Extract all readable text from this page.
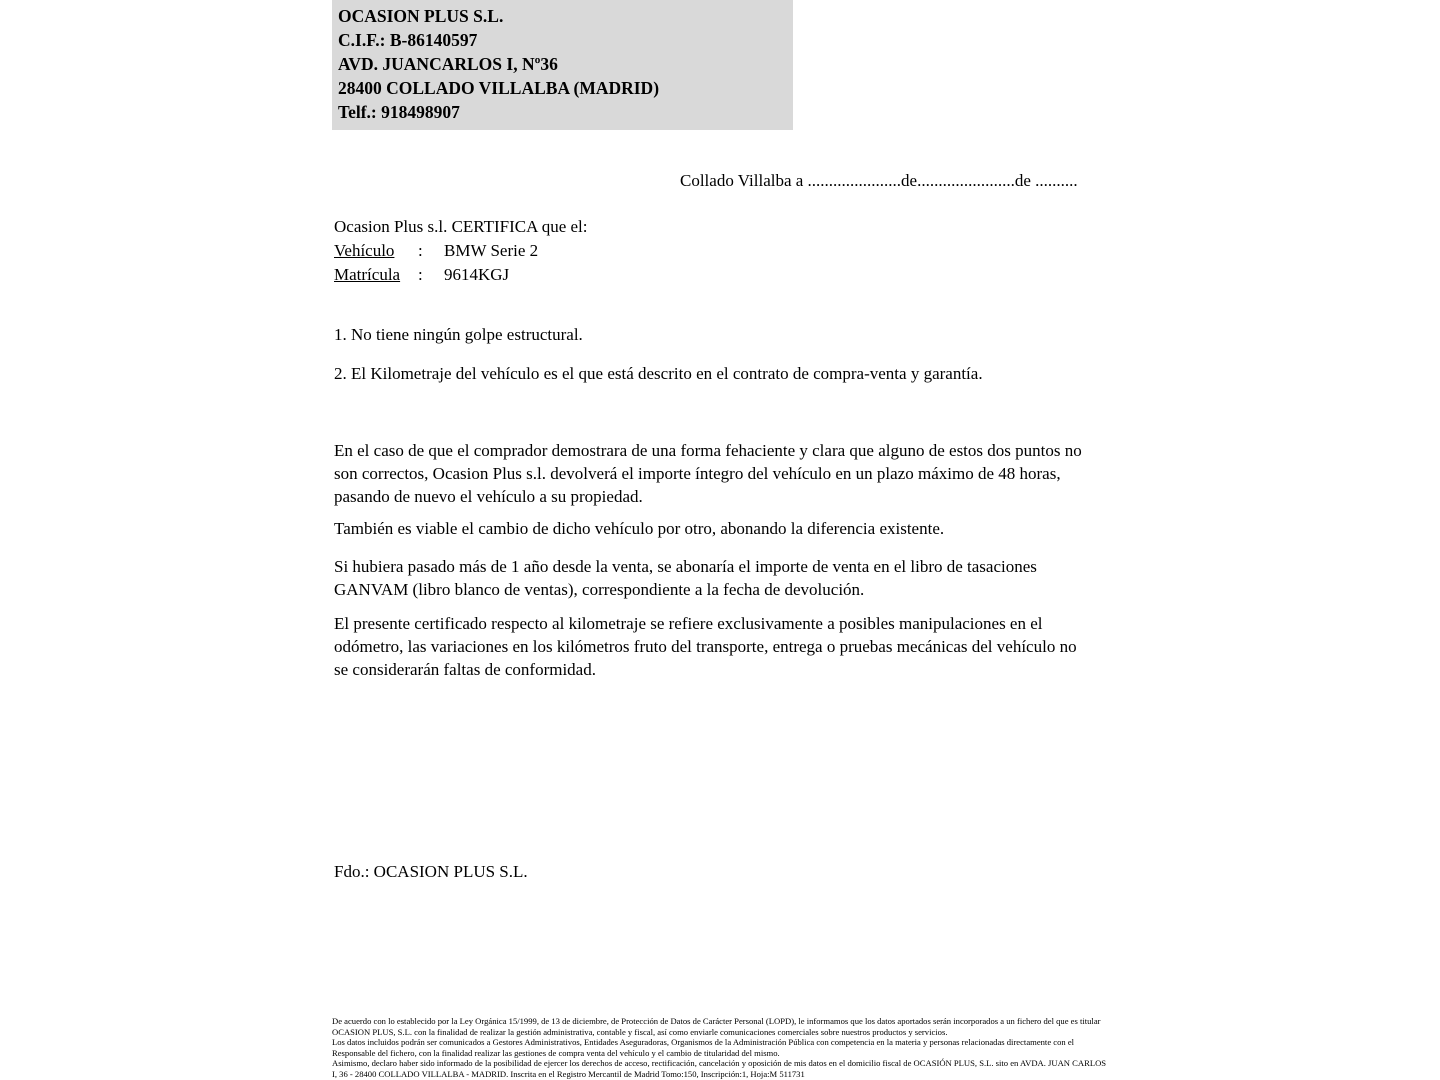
OCASION PLUS S.L.
C.I.F.: B-86140597
AVD. JUANCARLOS I, Nº36
28400 COLLADO VILLALBA (MADRID)
Telf.: 918498907
Collado Villalba a ......................de.......................de ..........
Ocasion Plus s.l. CERTIFICA que el:
Vehículo	:	BMW Serie 2
Matrícula	:	9614KGJ
1. No tiene ningún golpe estructural.
2. El Kilometraje del vehículo es el que está descrito en el contrato de compra-venta y garantía.
En el caso de que el comprador demostrara de una forma fehaciente y clara que alguno de estos dos puntos no son correctos, Ocasion Plus s.l. devolverá el importe íntegro del vehículo en un plazo máximo de 48 horas, pasando de nuevo el vehículo a su propiedad.
También es viable el cambio de dicho vehículo por otro, abonando la diferencia existente.
Si hubiera pasado más de 1 año desde la venta, se abonaría el importe de venta en el libro de tasaciones GANVAM (libro blanco de ventas), correspondiente a la fecha de devolución.
El presente certificado respecto al kilometraje se refiere exclusivamente a posibles manipulaciones en el odómetro, las variaciones en los kilómetros fruto del transporte, entrega o pruebas mecánicas del vehículo no se considerarán faltas de conformidad.
Fdo.: OCASION PLUS S.L.

De acuerdo con lo establecido por la Ley Orgánica 15/1999, de 13 de diciembre, de Protección de Datos de Carácter Personal (LOPD), le informamos que los datos aportados serán incorporados a un fichero del que es titular OCASION PLUS, S.L. con la finalidad de realizar la gestión administrativa, contable y fiscal, así como enviarle comunicaciones comerciales sobre nuestros productos y servicios.

Los datos incluidos podrán ser comunicados a Gestores Administrativos, Entidades Aseguradoras, Organismos de la Administración Pública con competencia en la materia y personas relacionadas directamente con el Responsable del fichero, con la finalidad realizar las gestiones de compra venta del vehículo y el cambio de titularidad del mismo.

Asimismo, declaro haber sido informado de la posibilidad de ejercer los derechos de acceso, rectificación, cancelación y oposición de mis datos en el domicilio fiscal de OCASIÓN PLUS, S.L. sito en AVDA. JUAN CARLOS I, 36 - 28400 COLLADO VILLALBA - MADRID. Inscrita en el Registro Mercantil de Madrid Tomo:150, Inscripción:1, Hoja:M 511731
